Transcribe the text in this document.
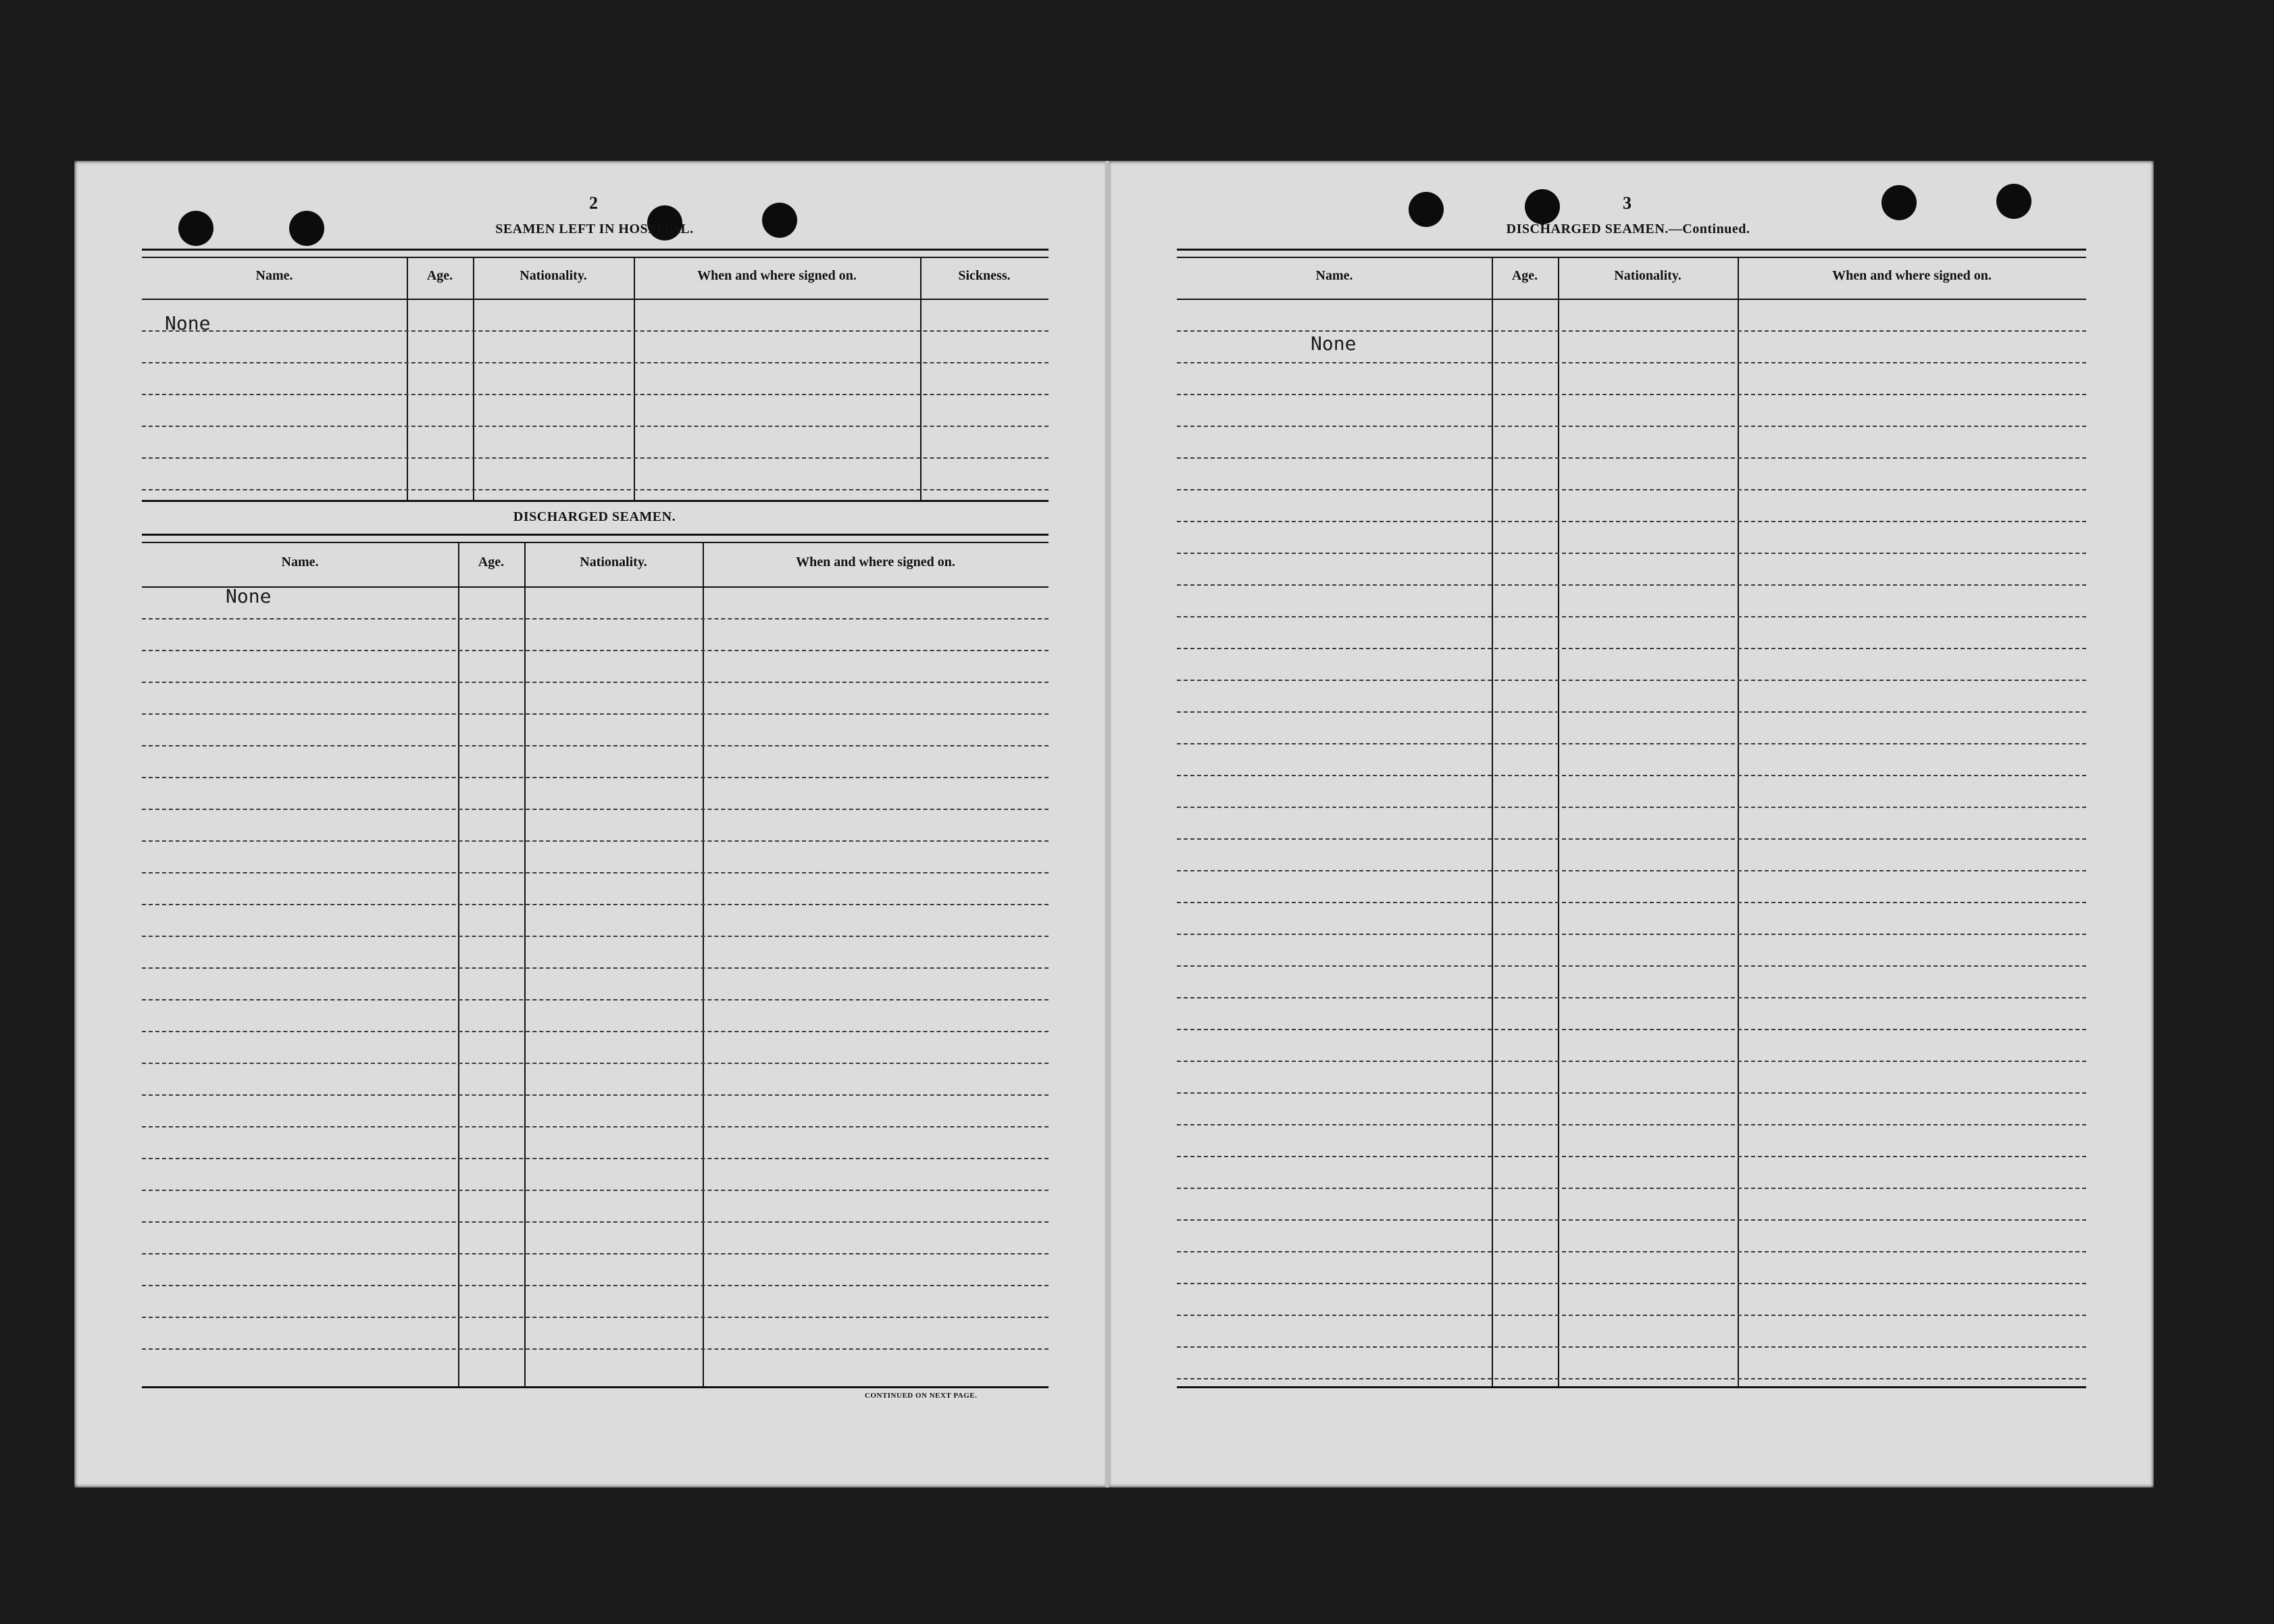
2
SEAMEN LEFT IN HOSPITAL.
Name.	Age.	Nationality.	When and where signed on.	Sickness.
None
DISCHARGED SEAMEN.
Name.	Age.	Nationality.	When and where signed on.
None
CONTINUED ON NEXT PAGE.
3
DISCHARGED SEAMEN.—Continued.
Name.	Age.	Nationality.	When and where signed on.
None
